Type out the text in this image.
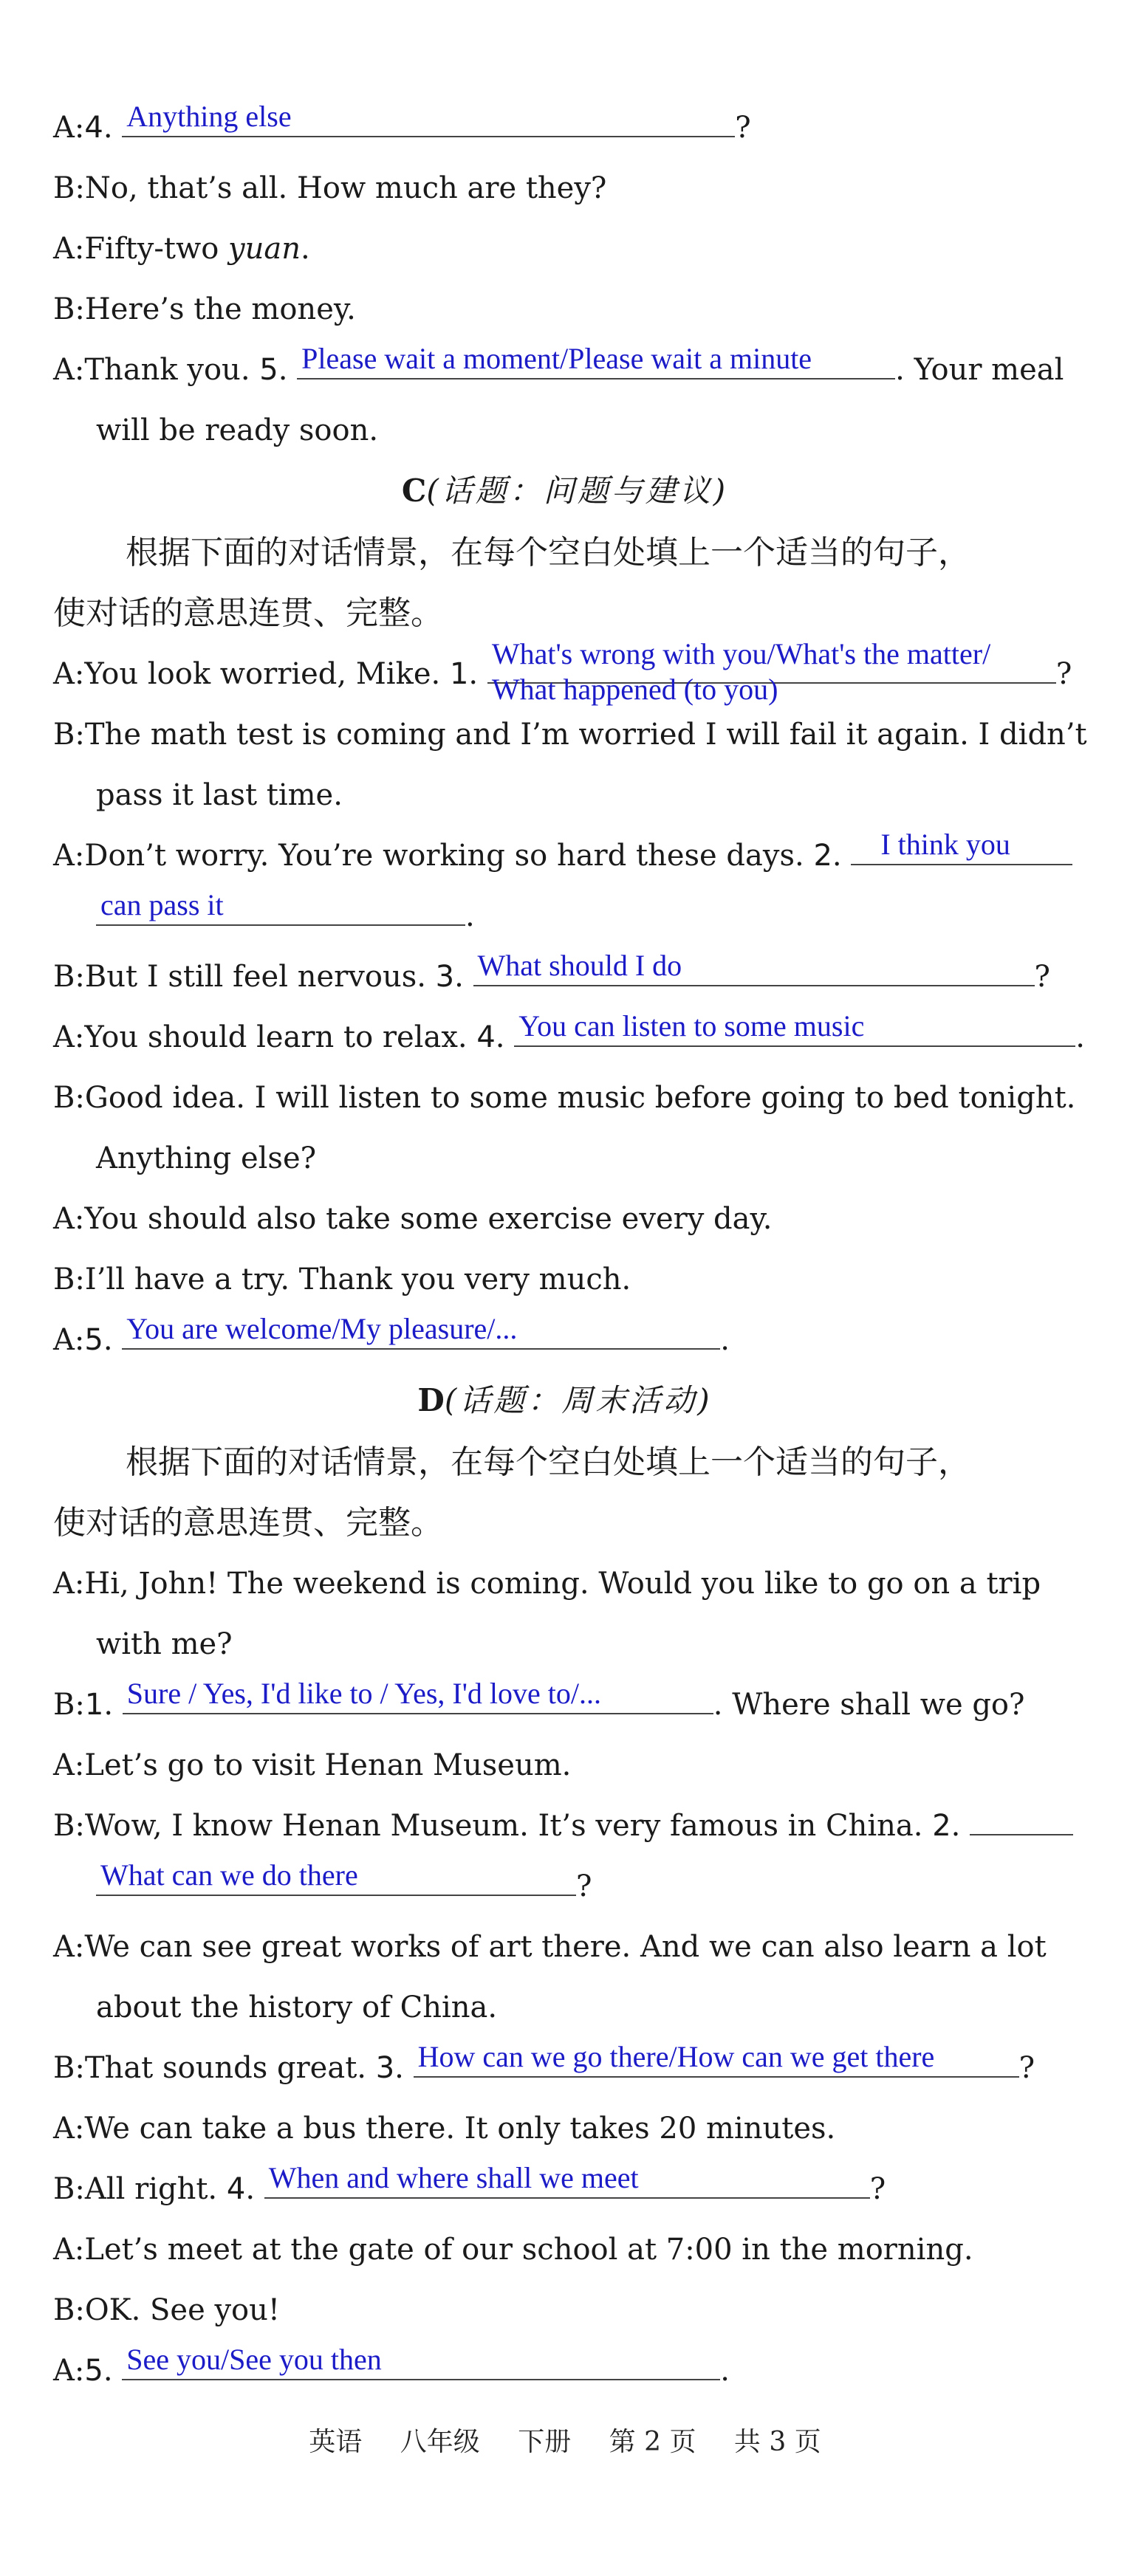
A:4. Anything else	?
B:No, that’s all. How much are they?
A:Fifty-two yuan.
B:Here’s the money.
A:Thank you. 5. Please wait a moment/Please wait a minute	. Your meal
will be ready soon.
C(话题：问题与建议)
根据下面的对话情景，在每个空白处填上一个适当的句子，
使对话的意思连贯、完整。
A:You look worried, Mike. 1.
What's wrong with you/What's the matter/
What happened (to you)	?
B:The math test is coming and I’m worried I will fail it again. I didn’t
pass it last time.
A:Don’t worry. You’re working so hard these days. 2. I think you
can pass it	.
B:But I still feel nervous. 3. What should I do	?
A:You should learn to relax. 4. You can listen to some music	.
B:Good idea. I will listen to some music before going to bed tonight.
Anything else?
A:You should also take some exercise every day.
B:I’ll have a try. Thank you very much.
A:5. You are welcome/My pleasure/...	.
D(话题：周末活动)
根据下面的对话情景，在每个空白处填上一个适当的句子，
使对话的意思连贯、完整。
A:Hi, John! The weekend is coming. Would you like to go on a trip
with me?
B:1. Sure / Yes, I'd like to / Yes, I'd love to/...	. Where shall we go?
A:Let’s go to visit Henan Museum.
B:Wow, I know Henan Museum. It’s very famous in China. 2.
What can we do there	?
A:We can see great works of art there. And we can also learn a lot
about the history of China.
B:That sounds great. 3. How can we go there/How can we get there	?
A:We can take a bus there. It only takes 20 minutes.
B:All right. 4. When and where shall we meet	?
A:Let’s meet at the gate of our school at 7:00 in the morning.
B:OK. See you!
A:5. See you/See you then	.
英语 八年级 下册 第 2 页 共 3 页
